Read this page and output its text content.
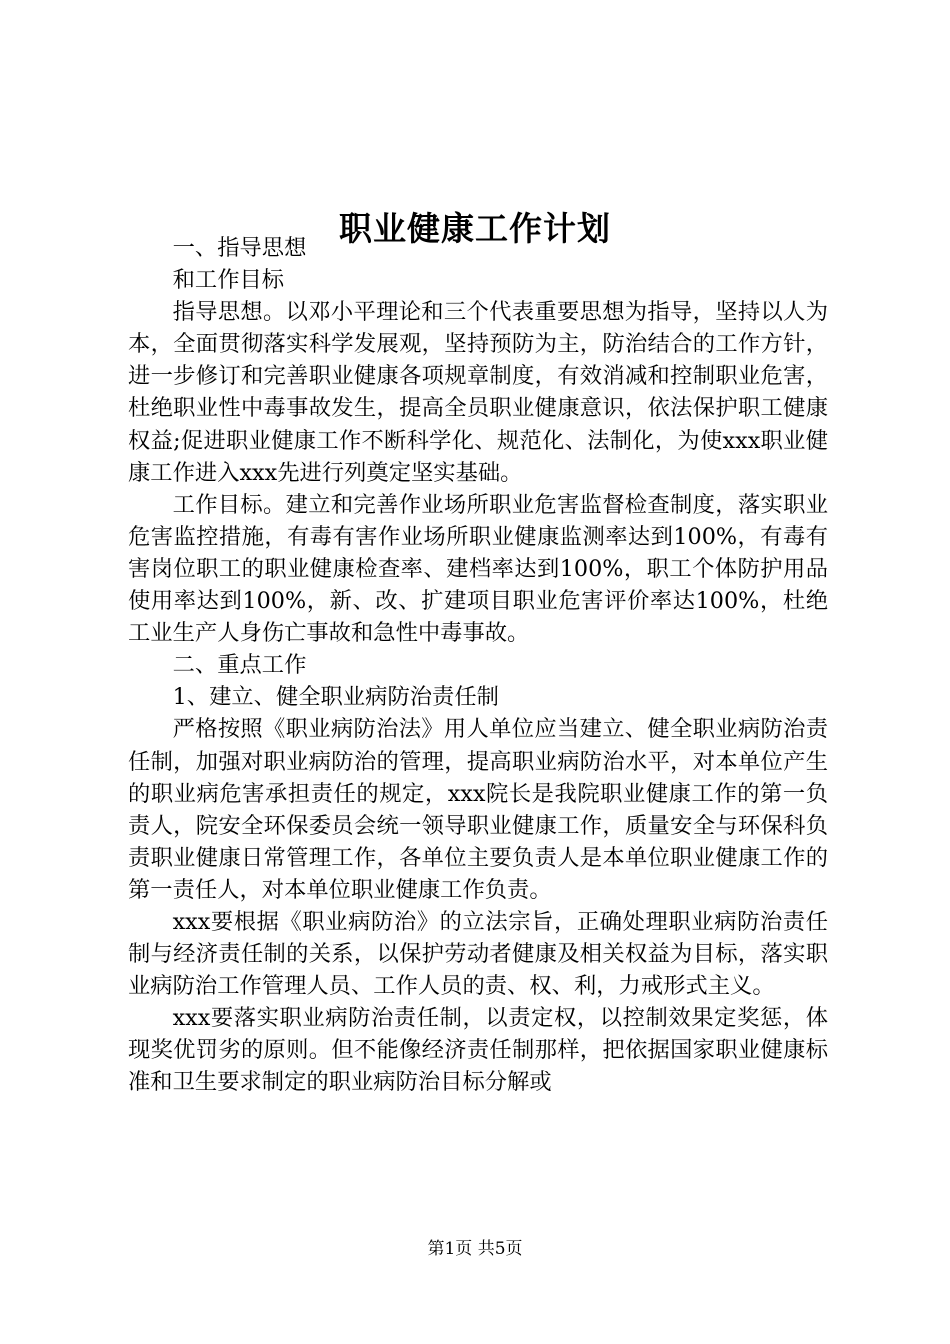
职业健康工作计划

一、指导思想

和工作目标

指导思想。以邓小平理论和三个代表重要思想为指导，坚持以人为本，全面贯彻落实科学发展观，坚持预防为主，防治结合的工作方针，进一步修订和完善职业健康各项规章制度，有效消减和控制职业危害，杜绝职业性中毒事故发生，提高全员职业健康意识，依法保护职工健康权益;促进职业健康工作不断科学化、规范化、法制化，为使xxx职业健康工作进入xxx先进行列奠定坚实基础。

工作目标。建立和完善作业场所职业危害监督检查制度，落实职业危害监控措施，有毒有害作业场所职业健康监测率达到100%，有毒有害岗位职工的职业健康检查率、建档率达到100%，职工个体防护用品使用率达到100%，新、改、扩建项目职业危害评价率达100%，杜绝工业生产人身伤亡事故和急性中毒事故。

二、重点工作

1、建立、健全职业病防治责任制

严格按照《职业病防治法》用人单位应当建立、健全职业病防治责任制，加强对职业病防治的管理，提高职业病防治水平，对本单位产生的职业病危害承担责任的规定，xxx院长是我院职业健康工作的第一负责人，院安全环保委员会统一领导职业健康工作，质量安全与环保科负责职业健康日常管理工作，各单位主要负责人是本单位职业健康工作的第一责任人，对本单位职业健康工作负责。

xxx要根据《职业病防治》的立法宗旨，正确处理职业病防治责任制与经济责任制的关系，以保护劳动者健康及相关权益为目标，落实职业病防治工作管理人员、工作人员的责、权、利，力戒形式主义。

xxx要落实职业病防治责任制，以责定权，以控制效果定奖惩，体现奖优罚劣的原则。但不能像经济责任制那样，把依据国家职业健康标准和卫生要求制定的职业病防治目标分解或

第1页 共5页
